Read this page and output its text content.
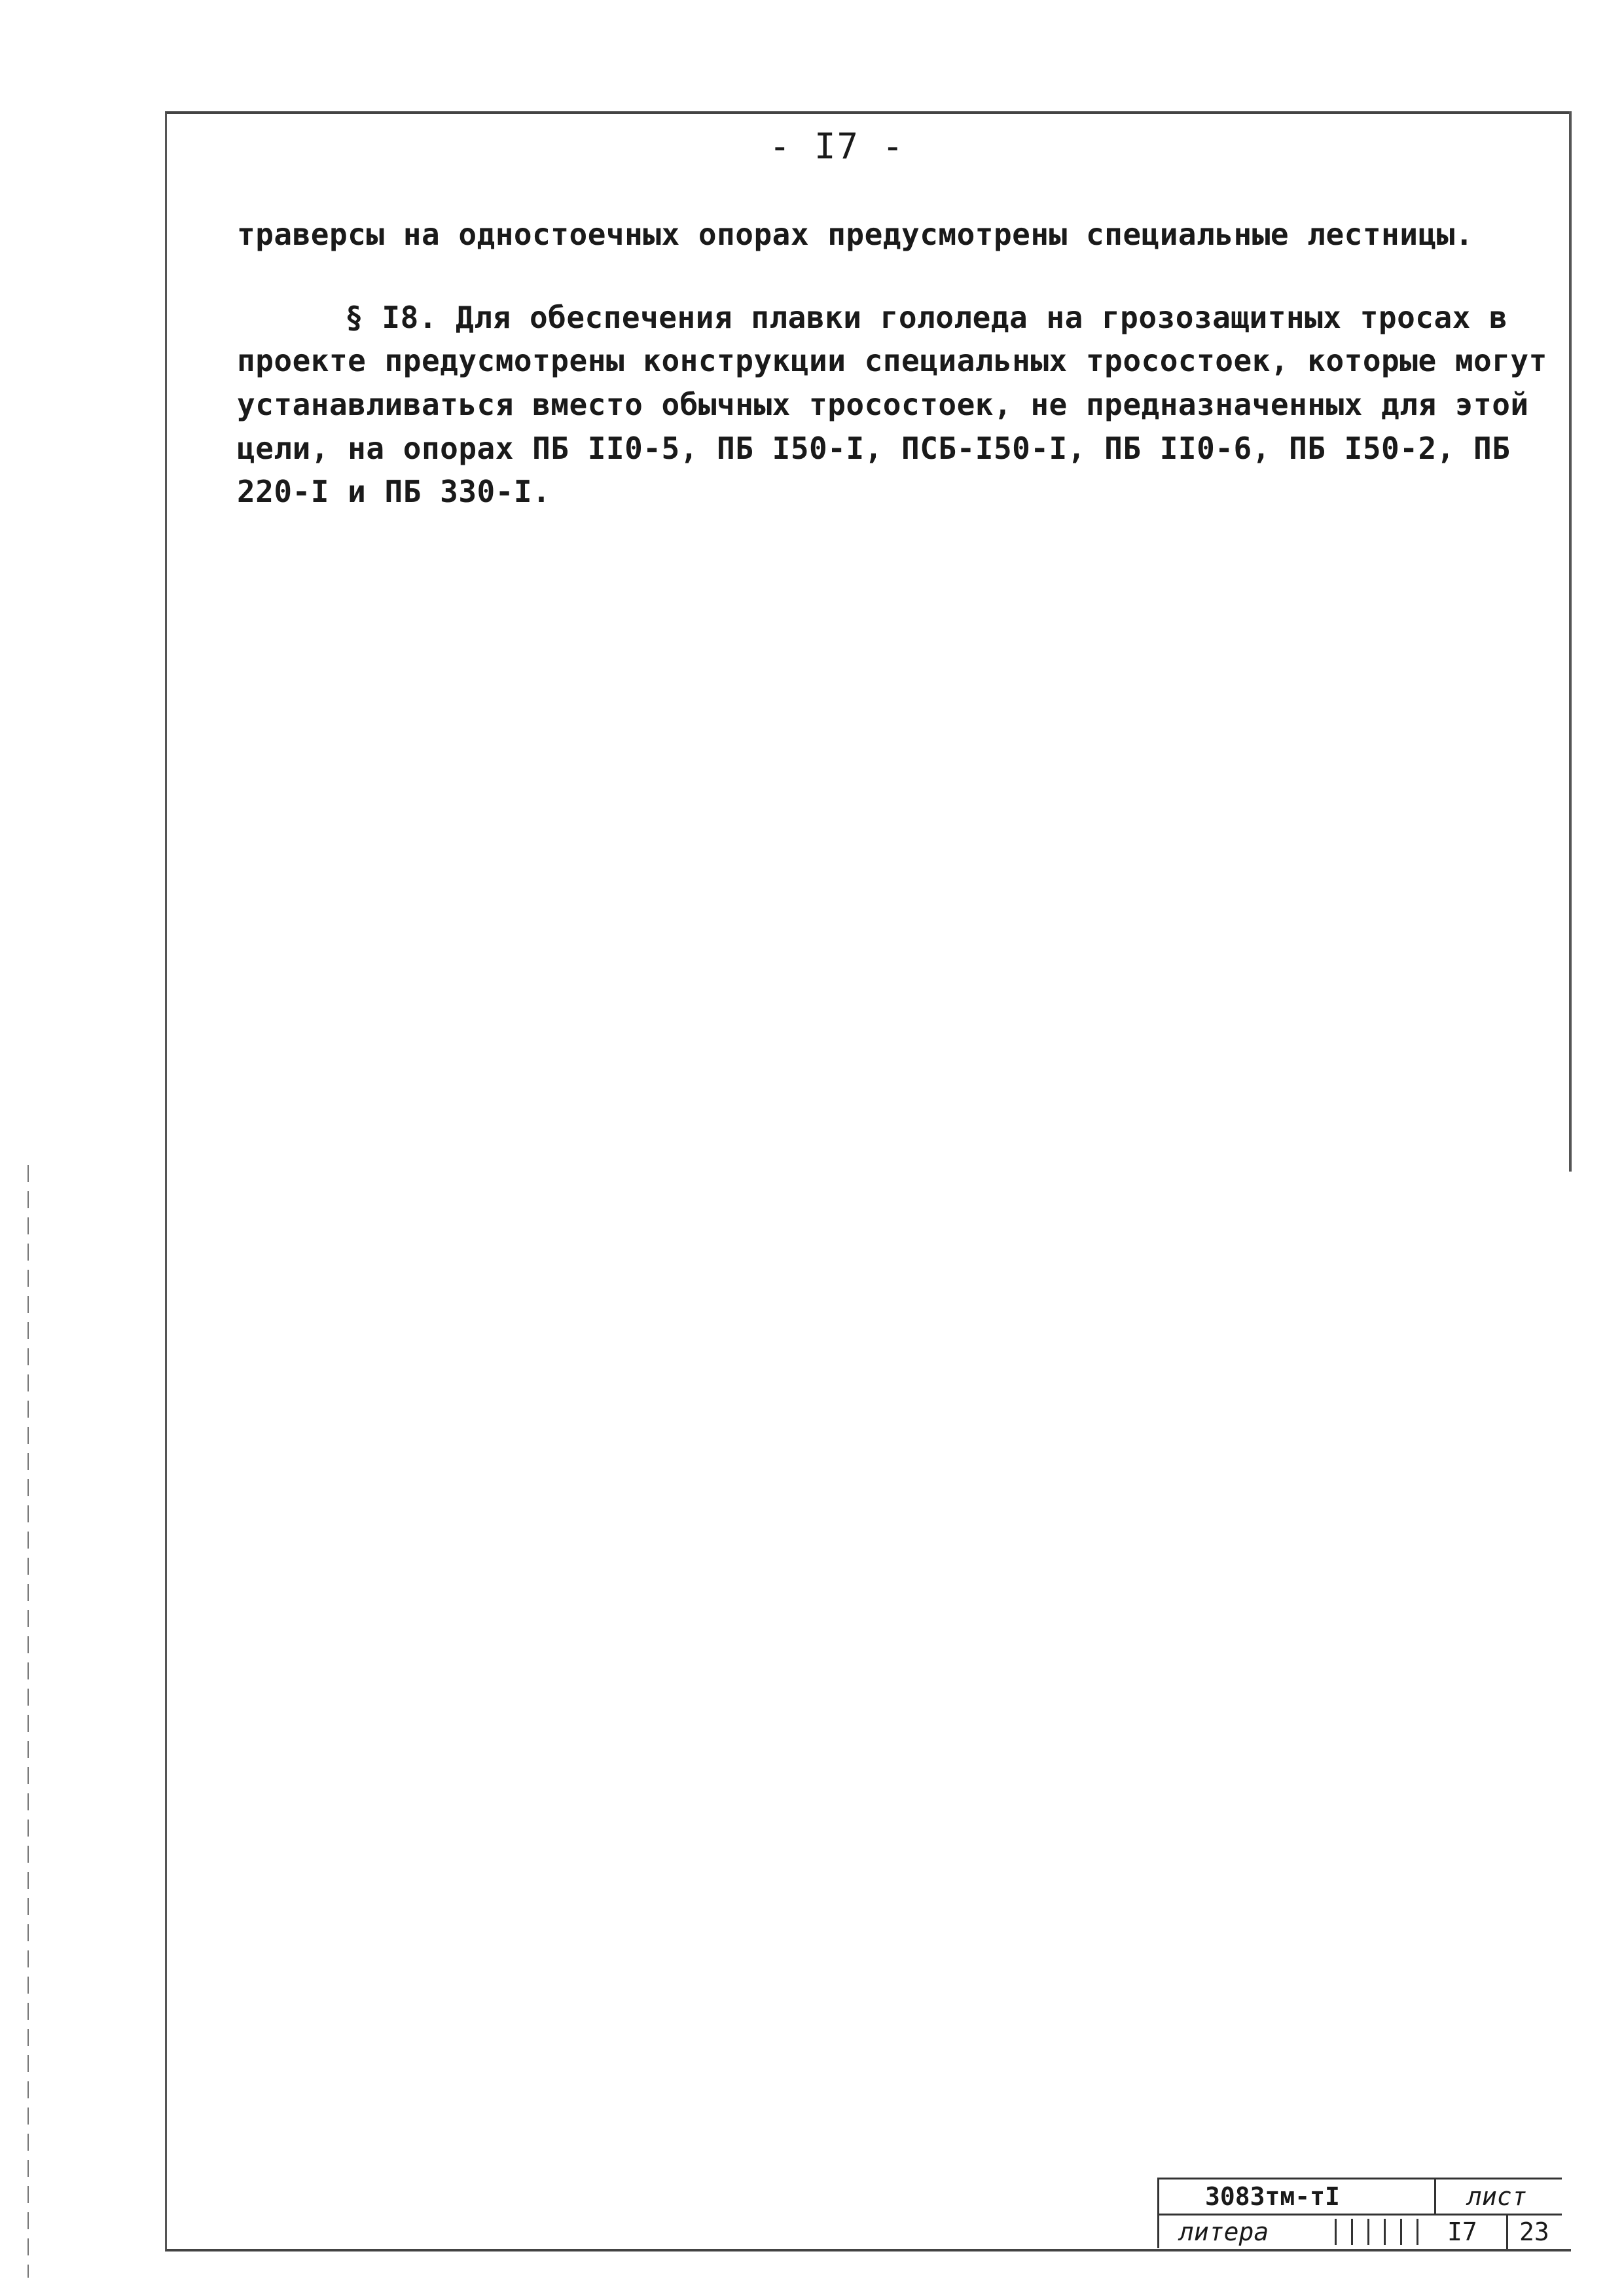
- I7 -

траверсы на одностоечных опорах предусмотрены специальные лестницы.

§ I8. Для обеспечения плавки гололеда на грозозащитных тросах в проекте предусмотрены конструкции специальных тросостоек, которые могут устанавливаться вместо обычных тросостоек, не предназначенных для этой цели, на опорах ПБ II0-5, ПБ I50-I, ПСБ-I50-I, ПБ II0-6, ПБ I50-2, ПБ 220-I и ПБ 330-I.

3083тм-тI	лист
литера	I7 23
